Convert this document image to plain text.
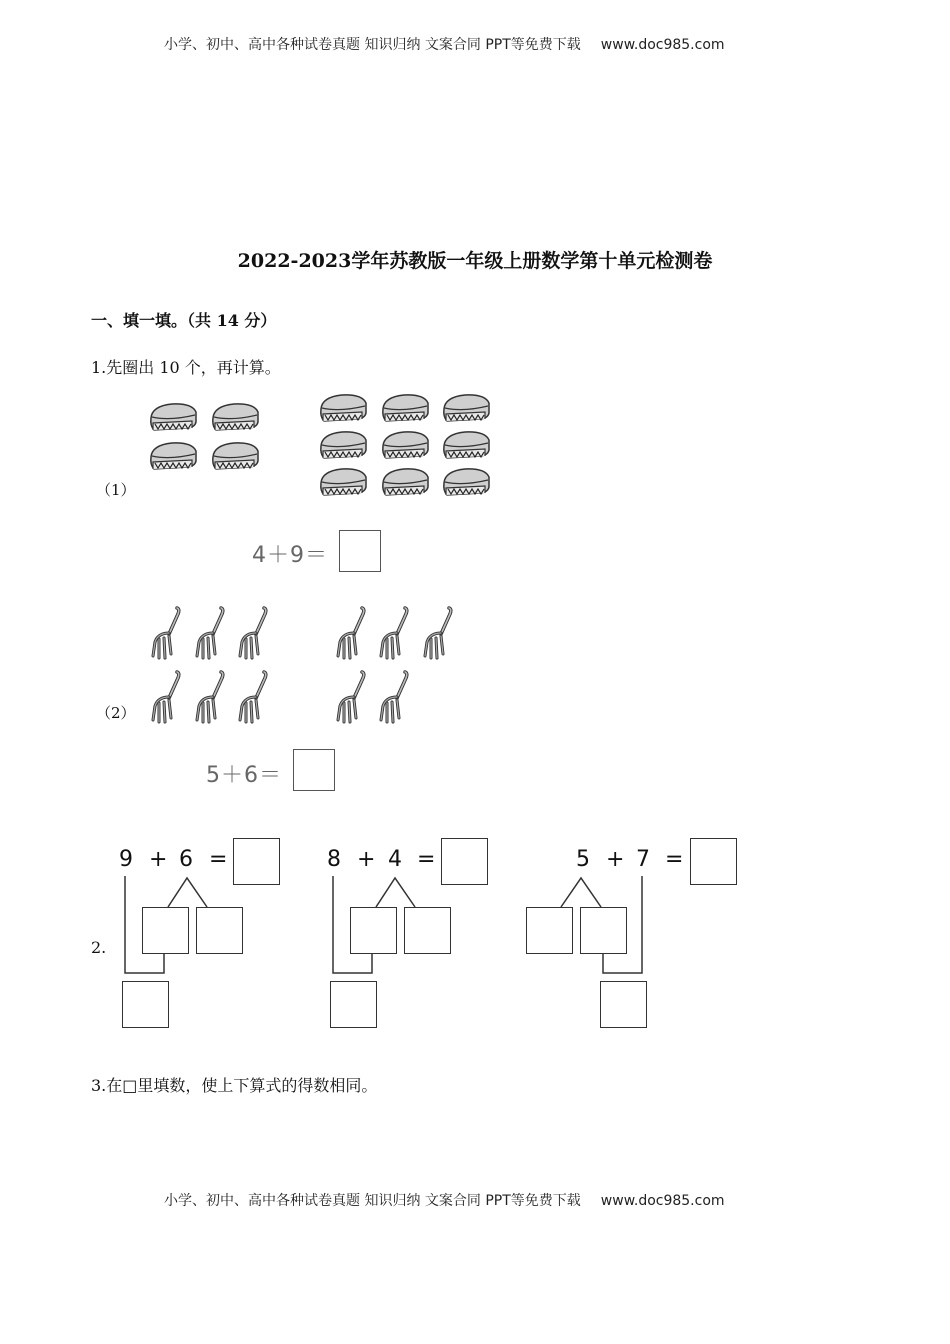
小学、初中、高中各种试卷真题 知识归纳 文案合同 PPT等免费下载 www.doc985.com
2022-2023学年苏教版一年级上册数学第十单元检测卷
一、填一填。（共 14 分）
1.先圈出 10 个，再计算。
（1）
4＋9＝
（2）
5＋6＝
2.
9 + 6 =	8 + 4 =	5 + 7 =
3.在□里填数，使上下算式的得数相同。
小学、初中、高中各种试卷真题 知识归纳 文案合同 PPT等免费下载 www.doc985.com
